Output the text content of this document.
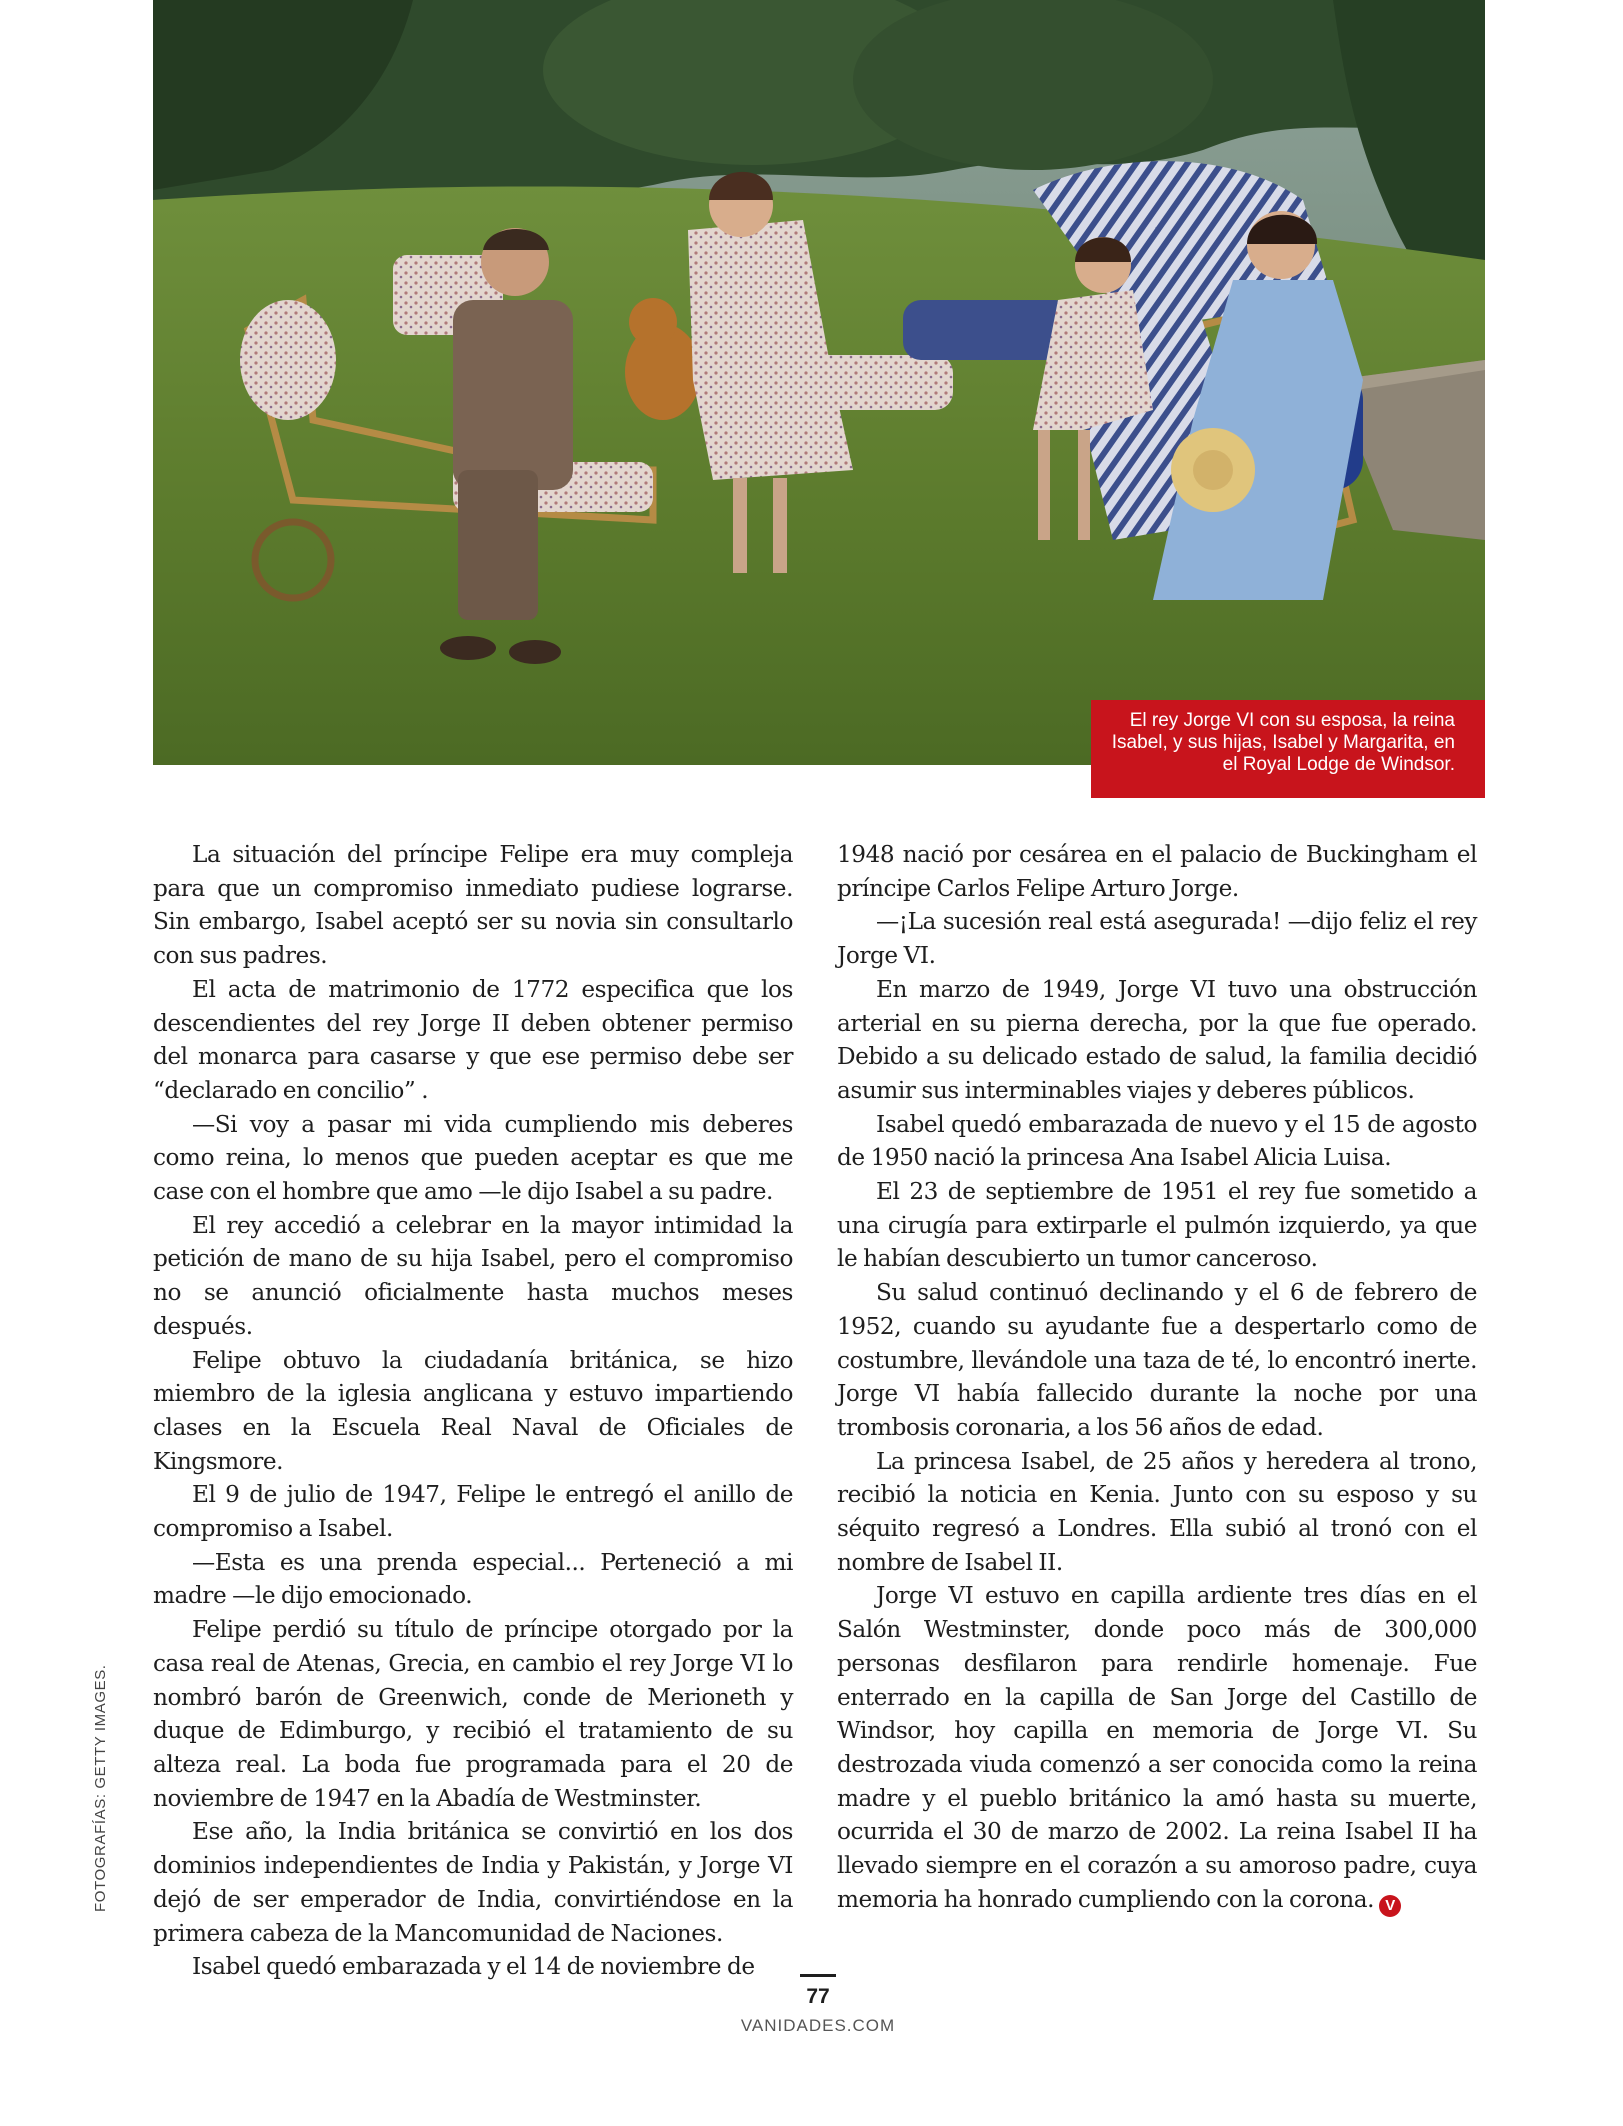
El rey Jorge VI con su esposa, la reina Isabel, y sus hijas, Isabel y Margarita, en el Royal Lodge de Windsor.

La situación del príncipe Felipe era muy compleja para que un compromiso inmediato pudiese lograrse. Sin embargo, Isabel aceptó ser su novia sin consultarlo con sus padres.

El acta de matrimonio de 1772 especifica que los descendientes del rey Jorge II deben obtener permiso del monarca para casarse y que ese permiso debe ser “declarado en concilio” .

—Si voy a pasar mi vida cumpliendo mis deberes como reina, lo menos que pueden aceptar es que me case con el hombre que amo —le dijo Isabel a su padre.

El rey accedió a celebrar en la mayor intimidad la petición de mano de su hija Isabel, pero el compromiso no se anunció oficialmente hasta muchos meses después.

Felipe obtuvo la ciudadanía británica, se hizo miembro de la iglesia anglicana y estuvo impartiendo clases en la Escuela Real Naval de Oficiales de Kingsmore.

El 9 de julio de 1947, Felipe le entregó el anillo de compromiso a Isabel.

—Esta es una prenda especial... Perteneció a mi madre —le dijo emocionado.

Felipe perdió su título de príncipe otorgado por la casa real de Atenas, Grecia, en cambio el rey Jorge VI lo nombró barón de Greenwich, conde de Merioneth y duque de Edimburgo, y recibió el tratamiento de su alteza real. La boda fue programada para el 20 de noviembre de 1947 en la Abadía de Westminster.

Ese año, la India británica se convirtió en los dos dominios independientes de India y Pakistán, y Jorge VI dejó de ser emperador de India, convirtiéndose en la primera cabeza de la Mancomunidad de Naciones.

Isabel quedó embarazada y el 14 de noviembre de

1948 nació por cesárea en el palacio de Buckingham el príncipe Carlos Felipe Arturo Jorge.

—¡La sucesión real está asegurada! —dijo feliz el rey Jorge VI.

En marzo de 1949, Jorge VI tuvo una obstrucción arterial en su pierna derecha, por la que fue operado. Debido a su delicado estado de salud, la familia decidió asumir sus interminables viajes y deberes públicos.

Isabel quedó embarazada de nuevo y el 15 de agosto de 1950 nació la princesa Ana Isabel Alicia Luisa.

El 23 de septiembre de 1951 el rey fue sometido a una cirugía para extirparle el pulmón izquierdo, ya que le habían descubierto un tumor canceroso.

Su salud continuó declinando y el 6 de febrero de 1952, cuando su ayudante fue a despertarlo como de costumbre, llevándole una taza de té, lo encontró inerte. Jorge VI había fallecido durante la noche por una trombosis coronaria, a los 56 años de edad.

La princesa Isabel, de 25 años y heredera al trono, recibió la noticia en Kenia. Junto con su esposo y su séquito regresó a Londres. Ella subió al tronó con el nombre de Isabel II.

Jorge VI estuvo en capilla ardiente tres días en el Salón Westminster, donde poco más de 300,000 personas desfilaron para rendirle homenaje. Fue enterrado en la capilla de San Jorge del Castillo de Windsor, hoy capilla en memoria de Jorge VI. Su destrozada viuda comenzó a ser conocida como la reina madre y el pueblo británico la amó hasta su muerte, ocurrida el 30 de marzo de 2002. La reina Isabel II ha llevado siempre en el corazón a su amoroso padre, cuya memoria ha honrado cumpliendo con la corona. V

FOTOGRAFÍAS: GETTY IMAGES.
77
VANIDADES.COM
